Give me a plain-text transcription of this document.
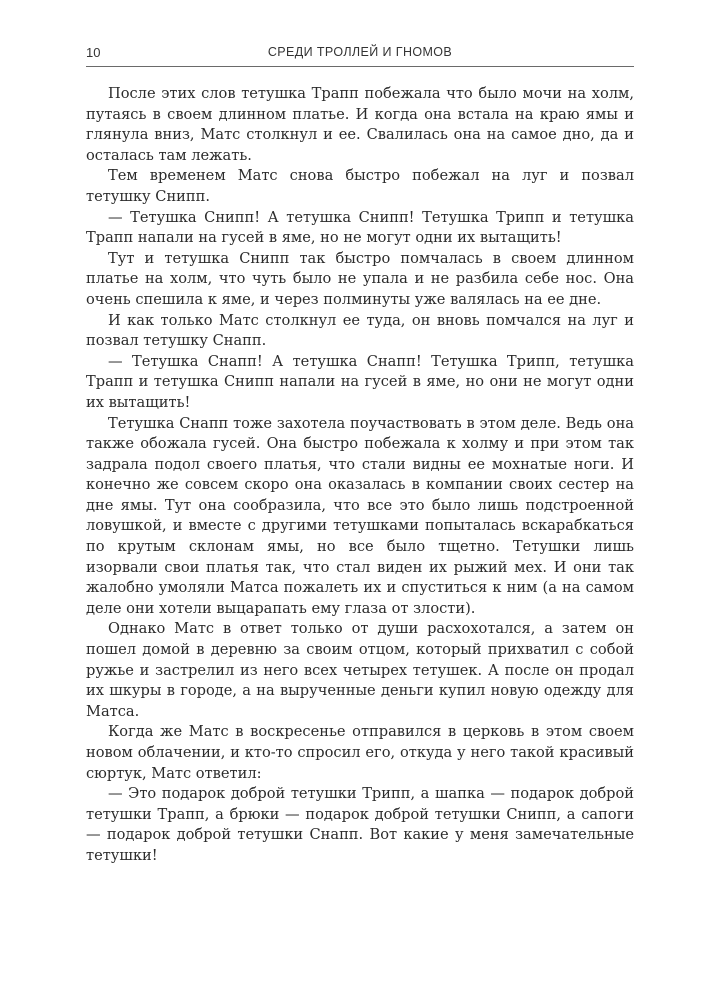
10	СРЕДИ ТРОЛЛЕЙ И ГНОМОВ

После этих слов тетушка Трапп побежала что было мочи на холм, путаясь в своем длинном платье. И когда она встала на краю ямы и глянула вниз, Матс столкнул и ее. Свалилась она на самое дно, да и осталась там лежать.

Тем временем Матс снова быстро побежал на луг и позвал тетушку Снипп.

— Тетушка Снипп! А тетушка Снипп! Тетушка Трипп и тетушка Трапп напали на гусей в яме, но не могут одни их вытащить!

Тут и тетушка Снипп так быстро помчалась в своем длинном платье на холм, что чуть было не упала и не разбила себе нос. Она очень спешила к яме, и через полминуты уже валялась на ее дне.

И как только Матс столкнул ее туда, он вновь помчался на луг и позвал тетушку Снапп.

— Тетушка Снапп! А тетушка Снапп! Тетушка Трипп, тетушка Трапп и тетушка Снипп напали на гусей в яме, но они не могут одни их вытащить!

Тетушка Снапп тоже захотела поучаствовать в этом деле. Ведь она также обожала гусей. Она быстро побежала к холму и при этом так задрала подол своего платья, что стали видны ее мохнатые ноги. И конечно же совсем скоро она оказалась в компании своих сестер на дне ямы. Тут она сообразила, что все это было лишь подстроенной ловушкой, и вместе с другими тетушками попыталась вскарабкаться по крутым склонам ямы, но все было тщетно. Тетушки лишь изорвали свои платья так, что стал виден их рыжий мех. И они так жалобно умоляли Матса пожалеть их и спуститься к ним (а на самом деле они хотели выцарапать ему глаза от злости).

Однако Матс в ответ только от души расхохотался, а затем он пошел домой в деревню за своим отцом, который прихватил с собой ружье и застрелил из него всех четырех тетушек. А после он продал их шкуры в городе, а на вырученные деньги купил новую одежду для Матса.

Когда же Матс в воскресенье отправился в церковь в этом своем новом облачении, и кто-то спросил его, откуда у него такой красивый сюртук, Матс ответил:

— Это подарок доброй тетушки Трипп, а шапка — подарок доброй тетушки Трапп, а брюки — подарок доброй тетушки Снипп, а сапоги — подарок доброй тетушки Снапп. Вот какие у меня замечательные тетушки!
